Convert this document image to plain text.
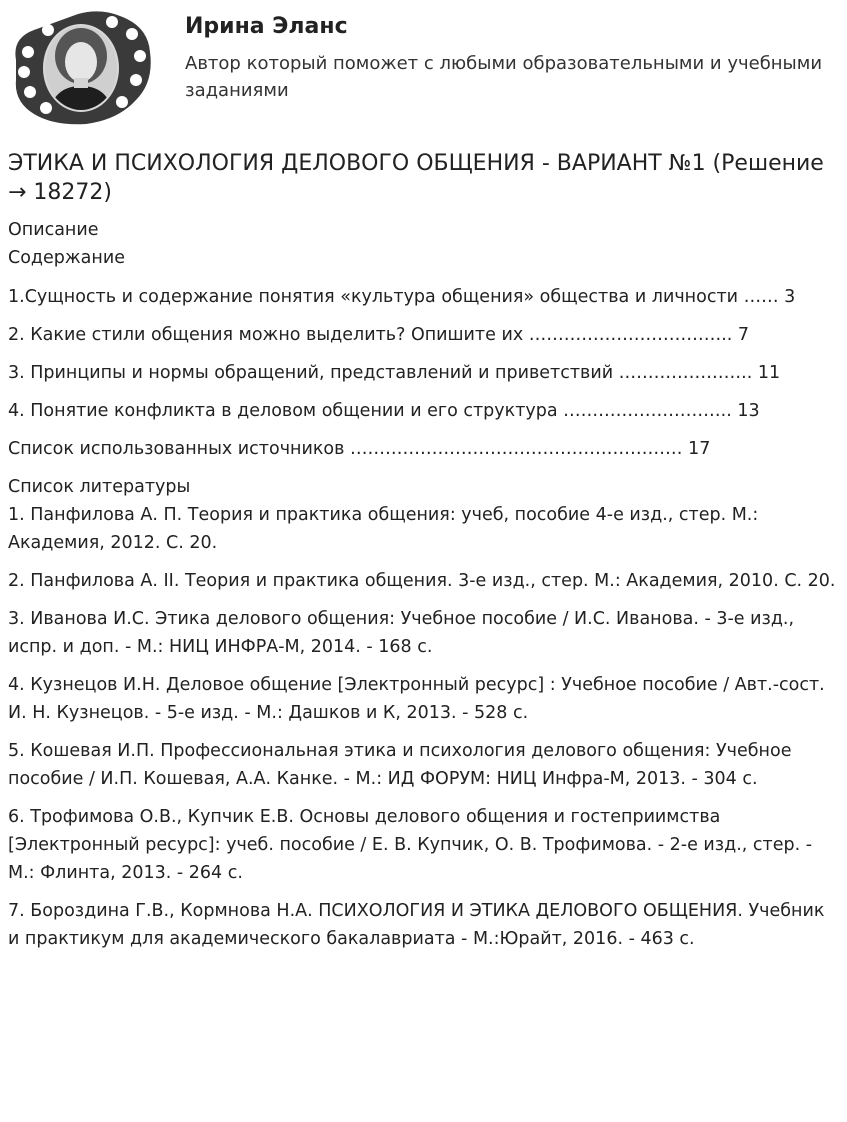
Ирина Эланс
Автор который поможет с любыми образовательными и учебными заданиями
ЭТИКА И ПСИХОЛОГИЯ ДЕЛОВОГО ОБЩЕНИЯ - ВАРИАНТ №1 (Решение → 18272)
Описание
Содержание
1.Сущность и содержание понятия «культура общения» общества и личности …… 3
2. Какие стили общения можно выделить? Опишите их …………………………….. 7
3. Принципы и нормы обращений, представлений и приветствий ………………….. 11
4. Понятие конфликта в деловом общении и его структура ……………………….. 13
Список использованных источников ………………………………………………… 17
Список литературы
1. Панфилова А. П. Теория и практика общения: учеб, пособие 4-е изд., стер. М.: Академия, 2012. С. 20.
2. Панфилова А. II. Теория и практика общения. 3-е изд., стер. М.: Академия, 2010. С. 20.
3. Иванова И.С. Этика делового общения: Учебное пособие / И.С. Иванова. - 3-е изд., испр. и доп. - М.: НИЦ ИНФРА-М, 2014. - 168 с.
4. Кузнецов И.Н. Деловое общение [Электронный ресурс] : Учебное пособие / Авт.-сост. И. Н. Кузнецов. - 5-е изд. - М.: Дашков и К, 2013. - 528 с.
5. Кошевая И.П. Профессиональная этика и психология делового общения: Учебное пособие / И.П. Кошевая, А.А. Канке. - М.: ИД ФОРУМ: НИЦ Инфра-М, 2013. - 304 с.
6. Трофимова О.В., Купчик Е.В. Основы делового общения и гостеприимства [Электронный ресурс]: учеб. пособие / Е. В. Купчик, О. В. Трофимова. - 2-е изд., стер. - М.: Флинта, 2013. - 264 с.
7. Бороздина Г.В., Кормнова Н.А. ПСИХОЛОГИЯ И ЭТИКА ДЕЛОВОГО ОБЩЕНИЯ. Учебник и практикум для академического бакалавриата - М.:Юрайт, 2016. - 463 с.
